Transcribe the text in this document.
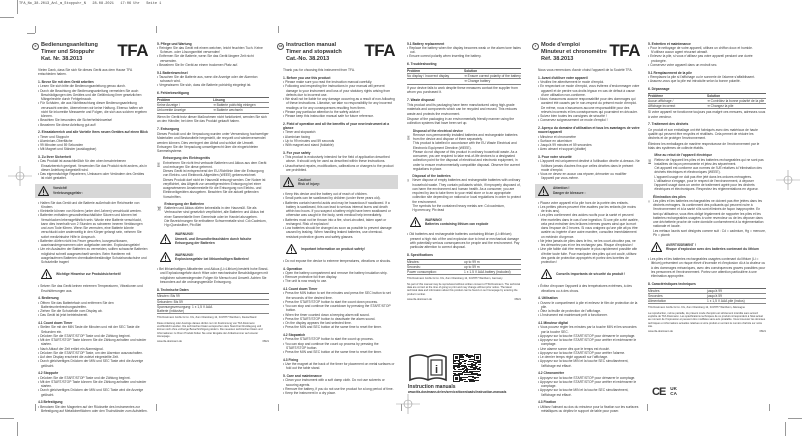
TFA_No_38.2013_Anl_m_Stoppuhr_N   28.08.2021   17:06 Uhr   Seite 1
D Bedienungsanleitung
Timer und Stoppuhr
Kat. Nr. 38.2013	TFA
Vielen Dank, dass Sie sich für dieses Gerät aus dem Hause TFA entschieden haben.
1. Bevor Sie mit dem Gerät arbeiten
• Lesen Sie sich bitte die Bedienungsanleitung genau durch.
• Durch die Beachtung der Bedienungsanleitung vermeiden Sie auch Beschädigungen des Gerätes und die Gefährdung Ihrer gesetzlichen Mängelrechte durch Fehlgebrauch.
• Für Schäden, die aus Nichtbeachtung dieser Bedienungsanleitung verursacht werden, übernehmen wir keine Haftung. Ebenso haften wir nicht für inkorrekte Messwerte und Folgen, die sich aus solchen ergeben können.
• Beachten Sie besonders die Sicherheitshinweise!
• Bewahren Sie diese Anleitung gut auf!
2. Einsatzbereich und alle Vorteile Ihres neuen Gerätes auf einen Blick
• Timer und Stoppuhr
• Aluminium-Oberfläche
• 99 Minuten und 59 Sekunden
• Mit Magnet und Ständer (ausklappbar)
3. Zu Ihrer Sicherheit
• Das Produkt ist ausschließlich für den oben beschriebenen Einsatzbereich geeignet. Verwenden Sie das Produkt nicht anders, als in dieser Anleitung dargestellt wird.
• Das eigenmächtige Reparieren, Umbauen oder Verändern des Gerätes ist nicht gestattet.
Vorsicht!
Verletzungsgefahr:
• Halten Sie das Gerät und die Batterie außerhalb der Reichweite von Kindern.
• Kleinteile können von Kindern (unter drei Jahren) verschluckt werden.
• Batterien enthalten gesundheitsschädliche Säuren und können bei Verschlucken lebensgefährlich sein. Wurde eine Batterie verschluckt, kann dies innerhalb von 2 Stunden zu schweren inneren Verätzungen und zum Tode führen. Wenn Sie vermuten, eine Batterie könnte verschluckt oder anderweitig in den Körper gelangt sein, nehmen Sie sofort medizinische Hilfe in Anspruch.
• Batterien dürfen nicht ins Feuer geworfen, kurzgeschlossen, auseinandergenommen oder aufgeladen werden. Explosionsgefahr!
• Um ein Auslaufen der Batterien zu vermeiden, sollten schwache Batterien möglichst schnell ausgewechselt werden. Beim Hantieren mit ausgelaufenen Batterien chemikalienbeständige Schutzhandschuhe und Schutzbrille tragen!
Wichtige Hinweise zur Produktsicherheit!
• Setzen Sie das Gerät keinen extremen Temperaturen, Vibrationen und Erschütterungen aus.
4. Bedienung
• Öffnen Sie das Batteriefach und entfernen Sie den Batterieunterbrechungsstreifen.
• Ziehen Sie die Schutzfolie vom Display ab.
• Das Gerät ist jetzt betriebsbereit.
4.1 Count down Timer
• Stellen Sie mit der MIN Taste die Minuten und mit der SEC Taste die Sekunden ein.
• Drücken Sie die START/STOP Taste und die Zählung beginnt.
• Mit der START/STOP Taste können Sie die Zählung anhalten und wieder starten.
• Nach Ablauf der Zeit ertönt ein Alarmsignal.
• Drücken Sie die START/STOP Taste, um den Alarmton auszuschalten.
• Auf dem Display erscheint die zuletzt eingestellte Zeit.
• Durch gleichzeitiges Drücken der MIN und SEC Taste wird die Anzeige gelöscht.
4.2 Stoppuhr
• Drücken Sie die START/STOP Taste und die Zählung beginnt.
• Mit der START/STOP Taste können Sie die Zählung anhalten und wieder starten.
• Durch gleichzeitiges Drücken der MIN und SEC Taste wird die Anzeige gelöscht.
4.3 Befestigung
• Benutzen Sie den Magneten auf der Rückseite des Instrumentes zur Befestigung auf Metalloberflächen oder den Tischständer zum Aufstellen.
5. Pflege und Wartung
• Reinigen Sie das Gerät mit einem weichen, leicht feuchten Tuch. Keine Scheuer- oder Lösungsmittel verwenden!
• Entfernen Sie die Batterie, wenn Sie das Gerät längere Zeit nicht verwenden.
• Bewahren Sie Ihr Gerät an einem trockenen Platz auf.
5.1 Batteriewechsel
• Tauschen Sie die Batterie aus, wenn die Anzeige oder der Alarmton schwach wird.
• Vergewissern Sie sich, dass die Batterie polrichtig eingelegt ist.
6. Fehlerbeseitigung
Problem	Lösung
Keine Anzeige /	➔ Batterie polrichtig einlegen
Unkorrekte Anzeige	➔ Batterie wechseln
Wenn Ihr Gerät trotz dieser Maßnahmen nicht funktioniert, wenden Sie sich an den Händler, bei dem Sie das Produkt gekauft haben.
7. Entsorgung
Dieses Produkt und die Verpackung wurden unter Verwendung hochwertiger Materialien und Bestandteile hergestellt, die recycelt und wiederverwendet werden können. Dies verringert den Abfall und schützt die Umwelt. Entsorgen Sie die Verpackung umweltgerecht über die eingerichteten Sammelsysteme.
Entsorgung des Elektrogeräts
Entnehmen Sie nicht fest verbaute Batterien und Akkus aus dem Gerät und entsorgen Sie diese getrennt.
Dieses Gerät ist entsprechend der EU-Richtlinie über die Entsorgung von Elektro- und Elektronik-Altgeräten (WEEE) gekennzeichnet.
Dieses Produkt darf nicht im Hausmüll entsorgt werden. Der Nutzer ist verpflichtet, das Altgerät zur umweltgerechten Entsorgung bei einer ausgewiesenen Annahmestelle für die Entsorgung von Elektro- und Elektronikgeräten abzugeben. Beachten Sie die aktuell geltenden Vorschriften.
Entsorgung der Batterien
Batterien und Akkus dürfen keinesfalls in den Hausmüll. Sie als Verbraucher sind gesetzlich verpflichtet, alle Batterien und Akkus bei einer Sammelstelle Ihrer Gemeinde oder im Handel abzugeben.
Die Bezeichnungen für enthaltene Schwermetalle sind: Cd=Cadmium, Hg=Quecksilber, Pb=Blei
WARNUNG!
Umwelt- und Gesundheitsschäden durch falsche Entsorgung der Batterien
WARNUNG!
Explosionsgefahr bei lithiumhaltigen Batterien!
• Bei lithiumhaltigen Altbatterien und Akkus (Li=Lithium) besteht hohe Brand- und Explosionsgefahr durch Hitze oder mechanische Beschädigungen mit möglichen schwerwiegenden Folgen für Mensch und Umwelt. Achten Sie besonders auf die ordnungsgemäße Entsorgung.
8. Technische Daten
Minuten: Bis 99
Sekunden: Bis 59
Spannungsversorgung: 1 x 1,5 V AAA Batterie (inklusive)
TFA Dostmann GmbH & Co. KG, Zum Ottersberg 12, D-97877 Wertheim, Deutschland
Diese Anleitung oder Auszüge daraus dürfen nur mit Zustimmung von TFA Dostmann veröffentlicht werden. Die technischen Daten entsprechen dem Stand bei Drucklegung und können sich ohne vorherige Benachrichtigung ändern. Die neuesten technischen Daten und Informationen zu Ihrem Produkt finden Sie unter Eingabe der Artikelnummer auf unserer Homepage.
www.tfa-dostmann.de	08/21
GB Instruction manual
Timer and stopwatch
Cat.-No. 38.2013	TFA
Thank you for choosing this instrument from TFA.
1. Before you use this product
• Please make sure you read the instruction manual carefully.
• Following and respecting the instructions in your manual will prevent damage to your instrument and loss of your statutory rights arising from defects due to incorrect use.
• We shall not be liable for any damage occurring as a result of non-following of these instructions. Likewise, we take no responsibility for any incorrect readings or for any consequences resulting from them.
• Please pay particular attention to the safety advice!
• Please keep this instruction manual safe for future reference.
2. Field of operation and all the benefits of your new instrument at a glance
• Timer and stopwatch
• Aluminium facing
• Up to 99 minutes and 59 seconds
• With magnet and stand (foldable)
3. For your safety
• This product is exclusively intended for the field of application described above. It should only be used as described within these instructions.
• Unauthorised repairs, modifications, calibrations or changes to the product are prohibited.
Caution!
Risk of injury:
• Keep this device and the battery out of reach of children.
• Small parts can be swallowed by children (under three years old).
• Batteries contain harmful acids and may be hazardous if swallowed. If a battery is swallowed, this can lead to serious internal burns and death within two hours. If you suspect a battery might have been swallowed or otherwise was caught in the body, seek medical help immediately.
• Batteries must not be thrown into a fire, short-circuited, taken apart or recharged. Risk of explosion!
• Low batteries should be changed as soon as possible to prevent damage caused by leaking. When handling leaked batteries, use chemical-resistant protective gloves and safety glasses.
Important information on product safety!
• Do not expose the device to extreme temperatures, vibrations or shocks.
4. Operation
• Open the battery compartment and remove the battery insulation strip.
• Remove protective foil from display.
• The unit is now ready to use.
4.1 Count down Timer
• Press the MIN button to set the minutes and press the SEC button to set the seconds of the desired time.
• Press the START/STOP button to start the count down process.
• You can stop and continue the countdown by pressing the START/STOP button.
• When the timer counted down a beeping alarm will sound.
• Press the START/STOP button to deactivate the alarm sound.
• On the display appears the last selected time.
• Press the MIN and SEC button at the same time to reset the timer.
4.2 Stopwatch
• Press the START/STOP button to start the count up process.
• You can stop and continue the count up process by pressing the START/STOP button.
• Press the MIN and SEC button at the same time to reset the timer.
4.3 Fixing
• Use the magnet at the back of the timer for placement on metal surfaces or fold out the table stand.
5. Care and maintenance
• Clean your instrument with a soft damp cloth. Do not use solvents or scouring agents.
• Remove the battery, if you do not use the product for a long period of time.
• Keep the instrument in a dry place.
5.1 Battery replacement
• Replace the battery when the display becomes weak or the alarm tone fades out.
• Ensure correct polarity when inserting the battery.
6. Troubleshooting
Problem	Solution
No display / Incorrect display	➔ Ensure correct polarity of the battery
➔ Change battery
If your device fails to work despite these measures contact the supplier from whom you purchased it.
7. Waste disposal
This product and its packaging have been manufactured using high-grade materials and components which can be recycled and reused. This reduces waste and protects the environment.
Dispose of the packaging in an environmentally friendly manner using the collection systems that have been set up.
Disposal of the electrical device
Remove non-permanently installed batteries and rechargeable batteries from the device and dispose of them separately.
This product is labelled in accordance with the EU Waste Electrical and Electronic Equipment Directive (WEEE).
Please do not dispose of this product in ordinary household waste. As a consumer, you are required to take end-of-life devices to a designated collection point for the disposal of electrical and electronic equipment, in order to ensure environmentally compatible disposal. Observe the current regulations in place.
Disposal of the batteries
Never dispose of empty batteries and rechargeable batteries with ordinary household waste. They contain pollutants which, if improperly disposed of, can harm the environment and human health. As a consumer, you are required by law to take them to your retail store or to an appropriate collection site depending on national or local regulations in order to protect the environment.
The symbols for the contained heavy metals are: Cd=cadmium, Hg=mercury, Pb=lead
WARNING!
Batteries containing lithium can explode
• Old batteries and rechargeable batteries containing lithium (Li=lithium) present a high risk of fire and explosion due to heat or mechanical damage with potentially serious consequences for people and the environment. Pay particular attention to correct disposal.
8. Specifications
Minutes:	up to 99 m
Seconds:	up to 59 m
Power consumption:	1 x 1.5 V AAA battery (included)
TFA Dostmann GmbH & Co. KG, Zum Ottersberg 12, D-97877 Wertheim, Germany
No part of this manual may be reproduced without written consent of TFA Dostmann. The technical data are correct at the time of going to print and may change without prior notice. The latest technical data and information about this product can be found on our homepage by entering the product number.
www.tfa-dostmann.de	08/21
F Mode d'emploi
Minuteur et chronomètre
Réf. 38.2013	TFA
Nous vous remercions d'avoir choisi l'appareil de la Société TFA.
1. Avant d'utiliser votre appareil
• Veuillez lire attentivement le mode d'emploi.
• En respectant ce mode d'emploi, vous éviterez d'endommager votre appareil et de perdre vos droits légaux en cas de défaut à cause d'une utilisation non-conforme.
• Nous n'assumons aucune responsabilité pour des dommages qui auraient été causés par le non-respect du présent mode d'emploi. De même, nous n'assumons aucune responsabilité pour des relevés incorrects et les conséquences qui pourraient en découler.
• Suivez bien toutes les consignes de sécurité !
• Conservez soigneusement ce mode d'emploi !
2. Aperçu du domaine d'utilisation et tous les avantages de votre nouvel appareil
• Minuteur et chronomètre
• Surface en aluminium
• Jusqu'à 99 minutes et 59 secondes
• Avec aimant et support (pliable)
3. Pour votre sécurité
• L'appareil est uniquement destiné à l'utilisation décrite ci-dessus. Ne l'utilisez jamais d'autres fins que celles décrites dans le présent mode d'emploi.
• Vous ne devez en aucun cas réparer, démonter ou modifier l'appareil par vous-même.
Attention !
Danger de blessure :
• Placez votre appareil et la pile hors de la portée des enfants.
• Les petites pièces peuvent être avalées par les enfants (de moins de trois ans).
• Les piles contiennent des acides nocifs pour la santé et peuvent être mortelles dans le cas d'une ingestion. Si une pile a été avalée, cela peut entraîner des brûlures internes graves ainsi que la mort dans l'espace de 2 heures. Si vous craignez qu'une pile ait pu être avalée ou ingérée d'une autre manière, consultez immédiatement un médecin d'urgence.
• Ne jetez jamais de piles dans le feu, ne les court-circuitez pas, ne les démontez pas et ne les rechargez pas. Risque d'explosion !
• Une pile faible doit être remplacée le plus rapidement possible afin d'éviter toute fuite. Pour manipuler des piles qui ont coulé, utilisez des gants de protection appropriés et portez des lunettes de protection !
Conseils importants de sécurité du produit !
• Évitez d'exposer l'appareil à des températures extrêmes, à des vibrations ou à des chocs.
4. Utilisation
• Ouvrez le compartiment à pile et enlevez le film de protection de la pile.
• Ôtez la feuille de protection de l'affichage.
• L'instrument est maintenant prêt à fonctionner.
4.1 Minuteur digital
• Vous pouvez régler les minutes par la touche MIN et les secondes par la touche SEC.
• Appuyez sur la touche START/STOP pour démarrer le comptage.
• Appuyez sur la touche START/STOP pour arrêter et redémarrer le comptage.
• Une alarme sonne dès que le temps est écoulé.
• Appuyez sur la touche START/STOP pour arrêter l'alarme.
• Le dernier temps réglé apparaît sur l'affichage.
• Appuyez sur la touche MIN et la touche SEC simultanément, l'affichage est effacé.
4.2 Chronomètre
• Appuyez sur la touche START/STOP pour démarrer le comptage.
• Appuyez sur la touche START/STOP pour arrêter et redémarrer le comptage.
• Appuyez sur la touche MIN et la touche SEC simultanément, l'affichage est effacé.
4.3 Fixation
• Utilisez l'aimant au dos du minuteur pour la fixation sur les surfaces métalliques ou dépliez le support de table pour poser.
5. Entretien et maintenance
• Pour le nettoyage de votre appareil, utilisez un chiffon doux et humide. N'utilisez aucun agent récurant abrasif.
• Enlevez la pile, si vous n'utilisez pas votre appareil pendant une durée prolongée.
• Conservez votre appareil dans un endroit sec.
5.1 Remplacement de la pile
• Remplacez la pile si l'affichage ou le sonnerie de l'alarme s'affaiblissent.
• Assurez-vous que la pile est introduite selon la bonne polarité.
6. Dépannage
Problème	Solution
Aucun affichage /	➔ Contrôlez la bonne polarité de la pile
Affichage incorrect	➔ Changez la pile
Si votre appareil ne fonctionne toujours pas malgré ces mesures, adressez-vous à votre vendeur.
7. Traitement des déchets
Ce produit et son emballage ont été fabriqués avec des matériaux de haute qualité qui peuvent être recyclés et réutilisés. Cela permet de réduire les déchets et de protéger l'environnement.
Éliminez les emballages de manière respectueuse de l'environnement par le biais des systèmes de collecte établis.
Mise au rebut de l'appareil électrique
Retirez de l'appareil les piles et les batteries rechargeables qui ne sont pas installées de façon permanente et jetez-les séparément.
Cet appareil est conforme aux normes de l'UE relatives à l'élimination des déchets électriques et électroniques (WEEE).
L'appareil usagé ne doit pas être jeté dans les ordures ménagères. L'utilisateur s'engage, pour le respect de l'environnement, à déposer l'appareil usagé dans un centre de traitement agréé pour les déchets électriques et électroniques. Respectez les réglementations en vigueur.
Élimination des piles
Les piles et les batteries rechargeables ne doivent pas être jetées dans les déchets ménagers. Ils contiennent des polluants qui peuvent nuire à l'environnement et à la santé s'ils sont éliminés de façon inappropriée. En tant qu'utilisateur, vous êtes obligé légalement de rapporter les piles et les batteries rechargeables usagées à votre revendeur ou de les déposer dans une déchetterie proche de votre domicile conformément à la réglementation nationale et locale.
Les métaux lourds sont désignés comme suit : Cd = cadmium, Hg = mercure, Pb = plomb
AVERTISSEMENT !
Risque d'explosion avec des batteries contenant du lithium
• Les piles et les batteries rechargeables usagées contenant du lithium (Li = lithium) présentent un risque élevé d'incendie et d'explosion dû à la chaleur ou à des dommages mécaniques, avec des conséquences graves possibles pour les personnes et l'environnement. Portez une attention particulière à une élimination appropriée.
8. Caractéristiques techniques
Minutes	jusqu'à 99
Secondes	jusqu'à 59
Alimentation	1 x 1,5 V AAA pile (inclus)
TFA Dostmann GmbH & Co. KG, Zum Ottersberg 12, D-97877 Wertheim, Allemagne
La reproduction, même partielle, du présent mode d'emploi est strictement interdite sans accord explicite de TFA Dostmann. Les spécifications techniques de ce produit correspondent à l'état actuel au moment de l'impression et peuvent être modifiées sans avis préalable. Vous trouverez les données techniques et informations actuelles relatives à votre produit en entrant le numéro d'article sur notre site.
www.tfa-dostmann.de	08/21
i
Instruction manuals
www.tfa-dostmann.de/en/service/downloads/instruction-manuals	CE UK
CA
